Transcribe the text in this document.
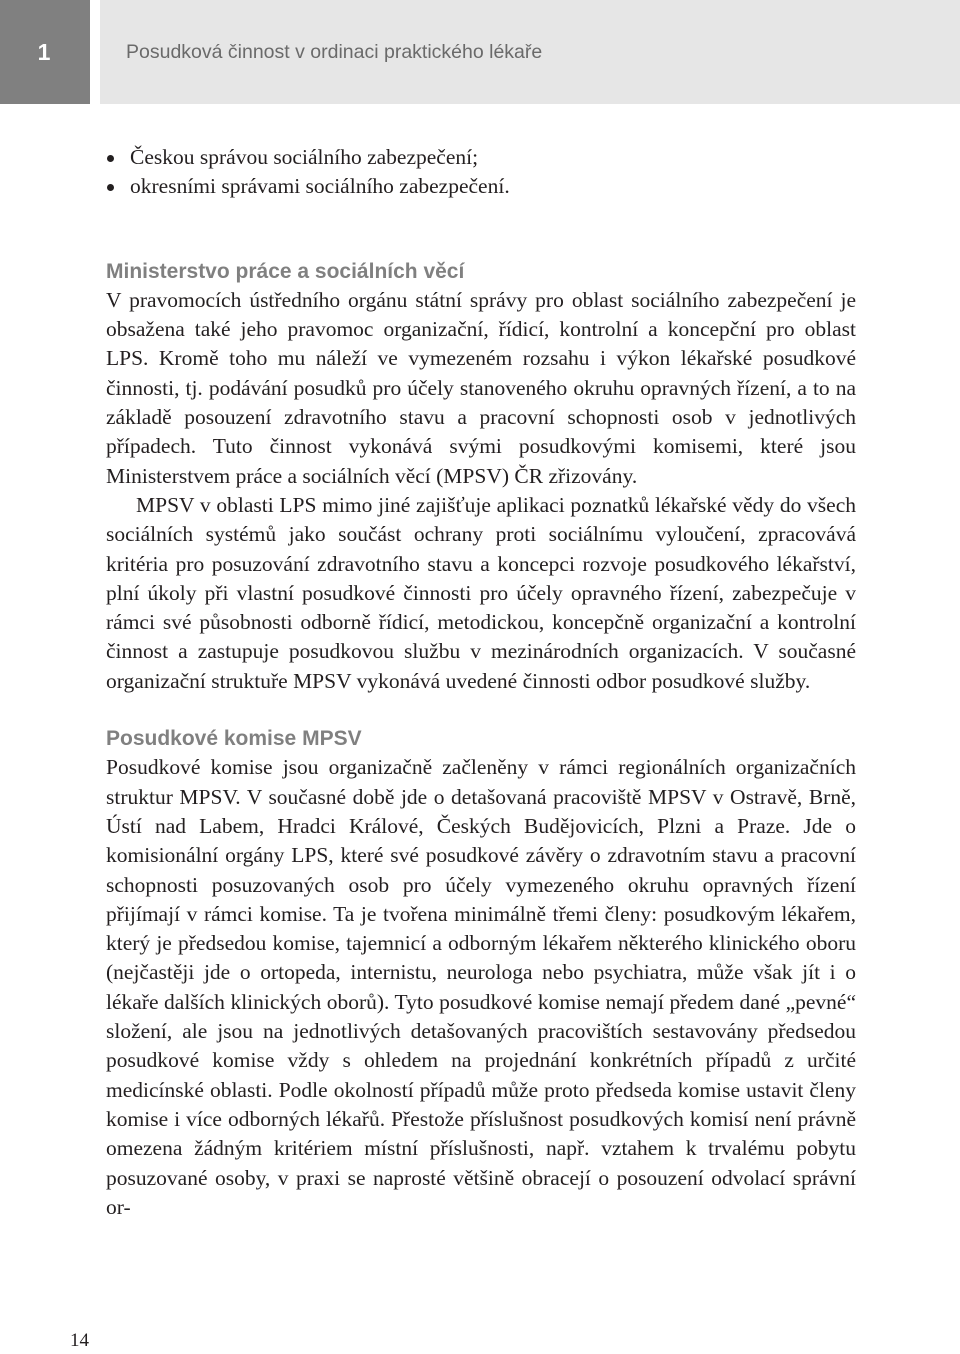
1	Posudková činnost v ordinaci praktického lékaře
Českou správou sociálního zabezpečení;
okresními správami sociálního zabezpečení.
Ministerstvo práce a sociálních věcí

V pravomocích ústředního orgánu státní správy pro oblast sociálního zabezpečení je obsažena také jeho pravomoc organizační, řídicí, kontrolní a koncepční pro oblast LPS. Kromě toho mu náleží ve vymezeném rozsahu i výkon lékařské posudkové činnosti, tj. podávání posudků pro účely stanoveného okruhu opravných řízení, a to na základě posouzení zdravotního stavu a pracovní schopnosti osob v jednotlivých případech. Tuto činnost vykonává svými posudkovými komisemi, které jsou Ministerstvem práce a sociálních věcí (MPSV) ČR zřizovány.

MPSV v oblasti LPS mimo jiné zajišťuje aplikaci poznatků lékařské vědy do všech sociálních systémů jako součást ochrany proti sociálnímu vyloučení, zpracovává kritéria pro posuzování zdravotního stavu a koncepci rozvoje posudkového lékařství, plní úkoly při vlastní posudkové činnosti pro účely opravného řízení, zabezpečuje v rámci své působnosti odborně řídicí, metodickou, koncepčně organizační a kontrolní činnost a zastupuje posudkovou službu v mezinárodních organizacích. V současné organizační struktuře MPSV vykonává uvedené činnosti odbor posudkové služby.

Posudkové komise MPSV

Posudkové komise jsou organizačně začleněny v rámci regionálních organizačních struktur MPSV. V současné době jde o detašovaná pracoviště MPSV v Ostravě, Brně, Ústí nad Labem, Hradci Králové, Českých Budějovicích, Plzni a Praze. Jde o komisionální orgány LPS, které své posudkové závěry o zdravotním stavu a pracovní schopnosti posuzovaných osob pro účely vymezeného okruhu opravných řízení přijímají v rámci komise. Ta je tvořena minimálně třemi členy: posudkovým lékařem, který je předsedou komise, tajemnicí a odborným lékařem některého klinického oboru (nejčastěji jde o ortopeda, internistu, neurologa nebo psychiatra, může však jít i o lékaře dalších klinických oborů). Tyto posudkové komise nemají předem dané „pevné“ složení, ale jsou na jednotlivých detašovaných pracovištích sestavovány předsedou posudkové komise vždy s ohledem na projednání konkrétních případů z určité medicínské oblasti. Podle okolností případů může proto předseda komise ustavit členy komise i více odborných lékařů. Přestože příslušnost posudkových komisí není právně omezena žádným kritériem místní příslušnosti, např. vztahem k trvalému pobytu posuzované osoby, v praxi se naprosté většině obracejí o posouzení odvolací správní or-

14
